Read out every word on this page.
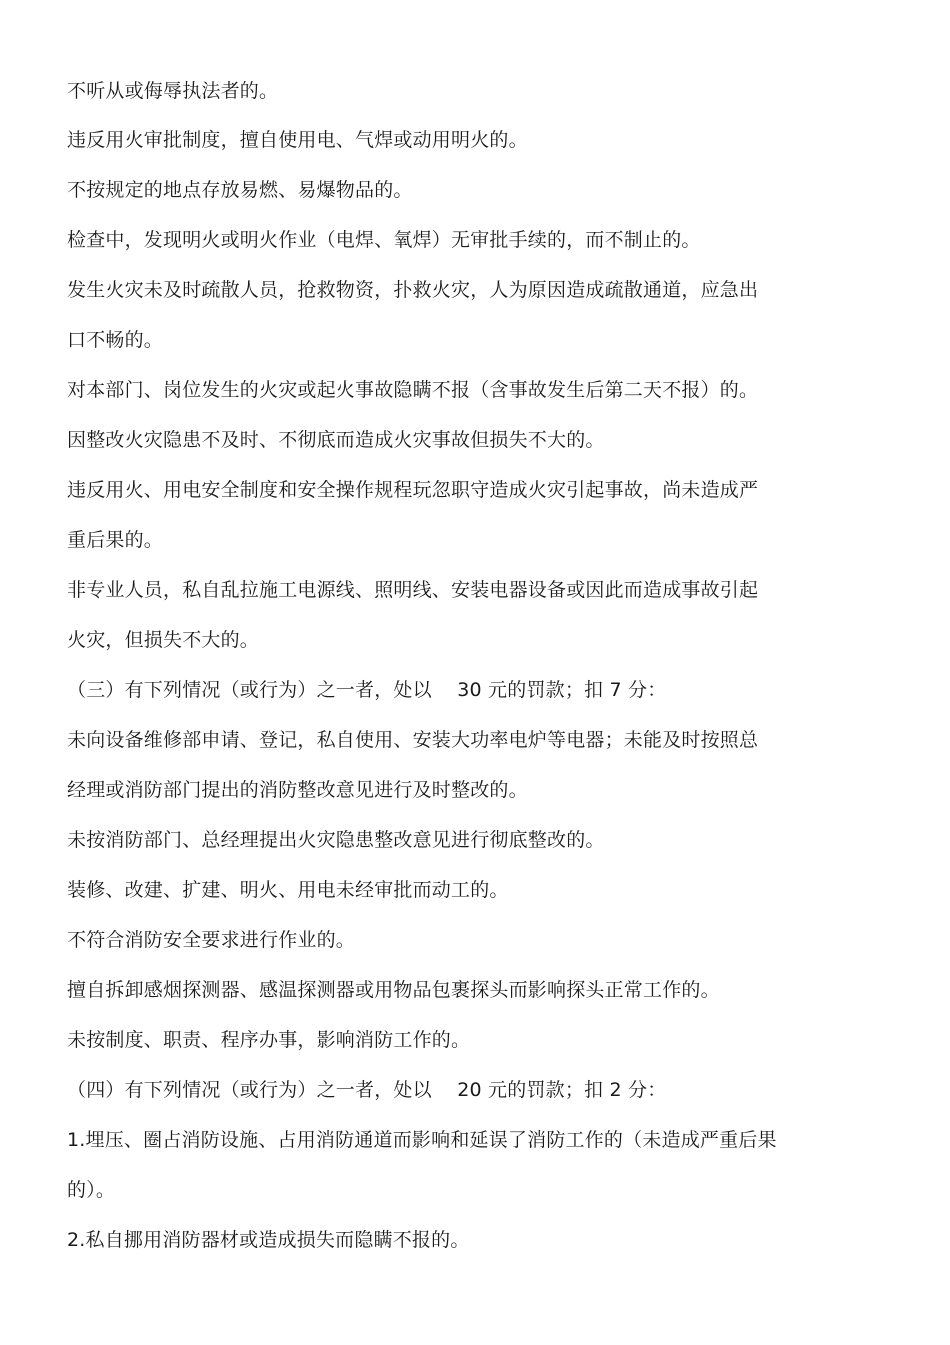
不听从或侮辱执法者的。
违反用火审批制度，擅自使用电、气焊或动用明火的。
不按规定的地点存放易燃、易爆物品的。
检查中，发现明火或明火作业（电焊、氧焊）无审批手续的，而不制止的。
发生火灾未及时疏散人员，抢救物资，扑救火灾，人为原因造成疏散通道，应急出
口不畅的。
对本部门、岗位发生的火灾或起火事故隐瞒不报（含事故发生后第二天不报）的。
因整改火灾隐患不及时、不彻底而造成火灾事故但损失不大的。
违反用火、用电安全制度和安全操作规程玩忽职守造成火灾引起事故，尚未造成严
重后果的。
非专业人员，私自乱拉施工电源线、照明线、安装电器设备或因此而造成事故引起
火灾，但损失不大的。
（三）有下列情况（或行为）之一者，处以　 30 元的罚款；扣 7 分：
未向设备维修部申请、登记，私自使用、安装大功率电炉等电器；未能及时按照总
经理或消防部门提出的消防整改意见进行及时整改的。
未按消防部门、总经理提出火灾隐患整改意见进行彻底整改的。
装修、改建、扩建、明火、用电未经审批而动工的。
不符合消防安全要求进行作业的。
擅自拆卸感烟探测器、感温探测器或用物品包裹探头而影响探头正常工作的。
未按制度、职责、程序办事，影响消防工作的。
（四）有下列情况（或行为）之一者，处以　 20 元的罚款；扣 2 分：
1.埋压、圈占消防设施、占用消防通道而影响和延误了消防工作的（未造成严重后果
的）。
2.私自挪用消防器材或造成损失而隐瞒不报的。
